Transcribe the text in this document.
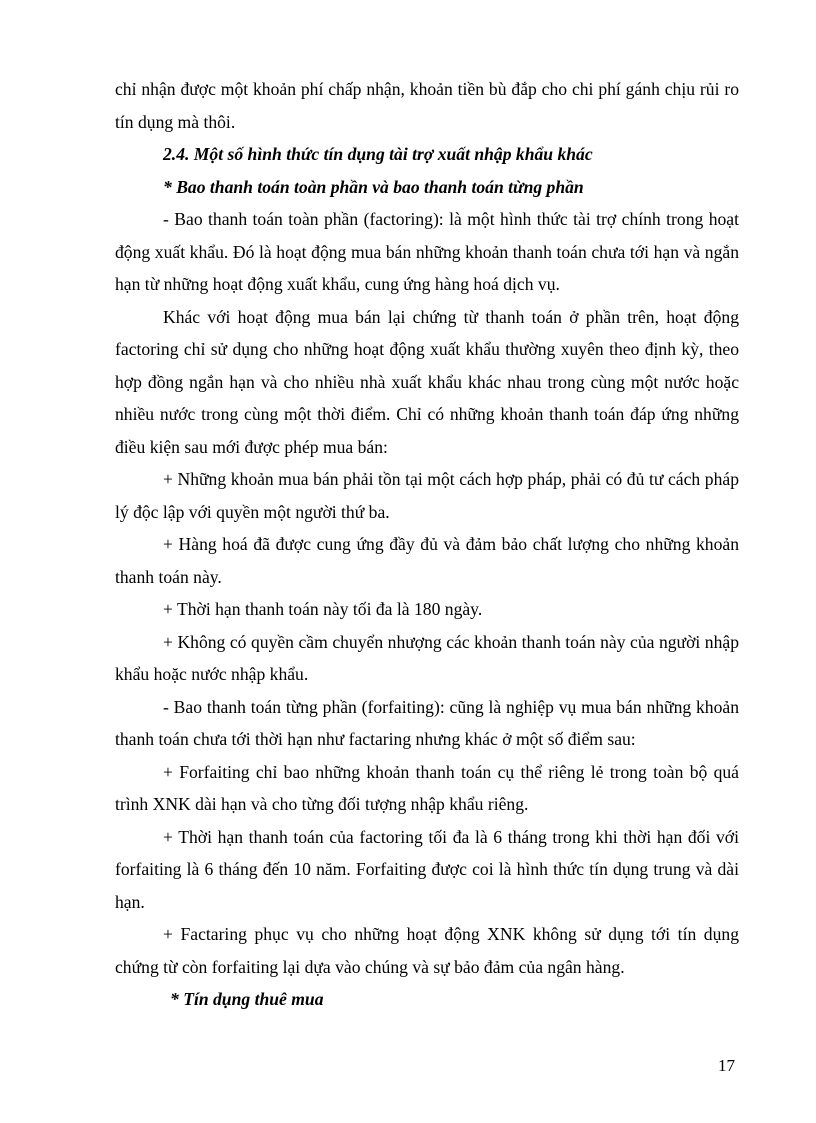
chỉ nhận được một khoản phí chấp nhận, khoản tiền bù đắp cho chi phí gánh chịu rủi ro tín dụng mà thôi.

2.4. Một số hình thức tín dụng tài trợ xuất nhập khẩu khác

* Bao thanh toán toàn phần và bao thanh toán từng phần

- Bao thanh toán toàn phần (factoring): là một hình thức tài trợ chính trong hoạt động xuất khẩu. Đó là hoạt động mua bán những khoản thanh toán chưa tới hạn và ngắn hạn từ những hoạt động xuất khẩu, cung ứng hàng hoá dịch vụ.

Khác với hoạt động mua bán lại chứng từ thanh toán ở phần trên, hoạt động factoring chỉ sử dụng cho những hoạt động xuất khẩu thường xuyên theo định kỳ, theo hợp đồng ngắn hạn và cho nhiều nhà xuất khẩu khác nhau trong cùng một nước hoặc nhiều nước trong cùng một thời điểm. Chỉ có những khoản thanh toán đáp ứng những điều kiện sau mới được phép mua bán:

+ Những khoản mua bán phải tồn tại một cách hợp pháp, phải có đủ tư cách pháp lý độc lập với quyền một người thứ ba.

+ Hàng hoá đã được cung ứng đầy đủ và đảm bảo chất lượng cho những khoản thanh toán này.

+ Thời hạn thanh toán này tối đa là 180 ngày.

+ Không có quyền cầm chuyển nhượng các khoản thanh toán này của người nhập khẩu hoặc nước nhập khẩu.

- Bao thanh toán từng phần (forfaiting): cũng là nghiệp vụ mua bán những khoản thanh toán chưa tới thời hạn như factaring nhưng khác ở một số điểm sau:

+ Forfaiting chỉ bao những khoản thanh toán cụ thể riêng lẻ trong toàn bộ quá trình XNK dài hạn và cho từng đối tượng nhập khẩu riêng.

+ Thời hạn thanh toán của factoring tối đa là 6 tháng trong khi thời hạn đối với forfaiting là 6 tháng đến 10 năm. Forfaiting được coi là hình thức tín dụng trung và dài hạn.

+ Factaring phục vụ cho những hoạt động XNK không sử dụng tới tín dụng chứng từ còn forfaiting lại dựa vào chúng và sự bảo đảm của ngân hàng.

* Tín dụng thuê mua

17
